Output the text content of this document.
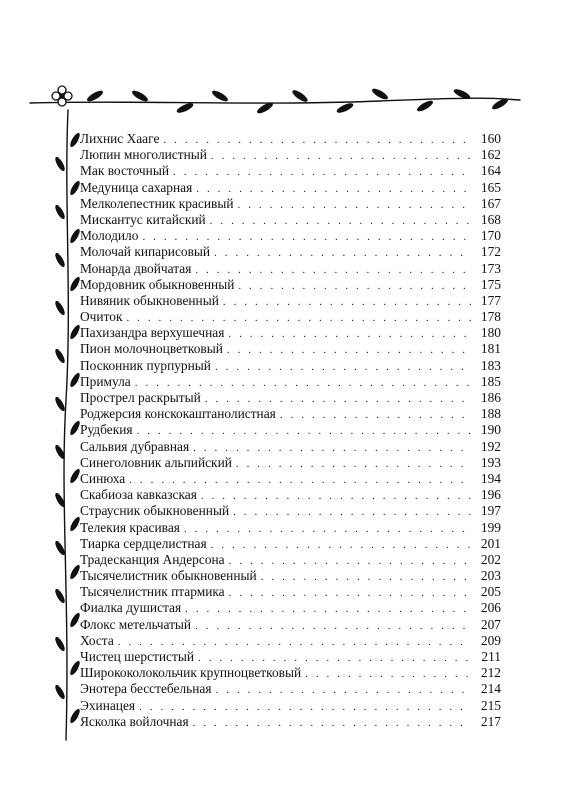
Лихнис Хааге . . .	160
Люпин многолистный . . .	162
Мак восточный . . .	164
Медуница сахарная . . .	165
Мелколепестник красивый . . .	167
Мискантус китайский . . .	168
Молодило . . .	170
Молочай кипарисовый . . .	172
Монарда двойчатая . . .	173
Мордовник обыкновенный . . .	175
Нивяник обыкновенный . . .	177
Очиток . . .	178
Пахизандра верхушечная . . .	180
Пион молочноцветковый . . .	181
Посконник пурпурный . . .	183
Примула . . .	185
Прострел раскрытый . . .	186
Роджерсия конскокаштанолистная . . .	188
Рудбекия . . .	190
Сальвия дубравная . . .	192
Синеголовник альпийский . . .	193
Синюха . . .	194
Скабиоза кавказская . . .	196
Страусник обыкновенный . . .	197
Телекия красивая . . .	199
Тиарка сердцелистная . . .	201
Традесканция Андерсона . . .	202
Тысячелистник обыкновенный . . .	203
Тысячелистник птармика . . .	205
Фиалка душистая . . .	206
Флокс метельчатый . . .	207
Хоста . . .	209
Чистец шерстистый . . .	211
Ширококолокольчик крупноцветковый . . .	212
Энотера бесстебельная . . .	214
Эхинацея . . .	215
Ясколка войлочная . . .	217
